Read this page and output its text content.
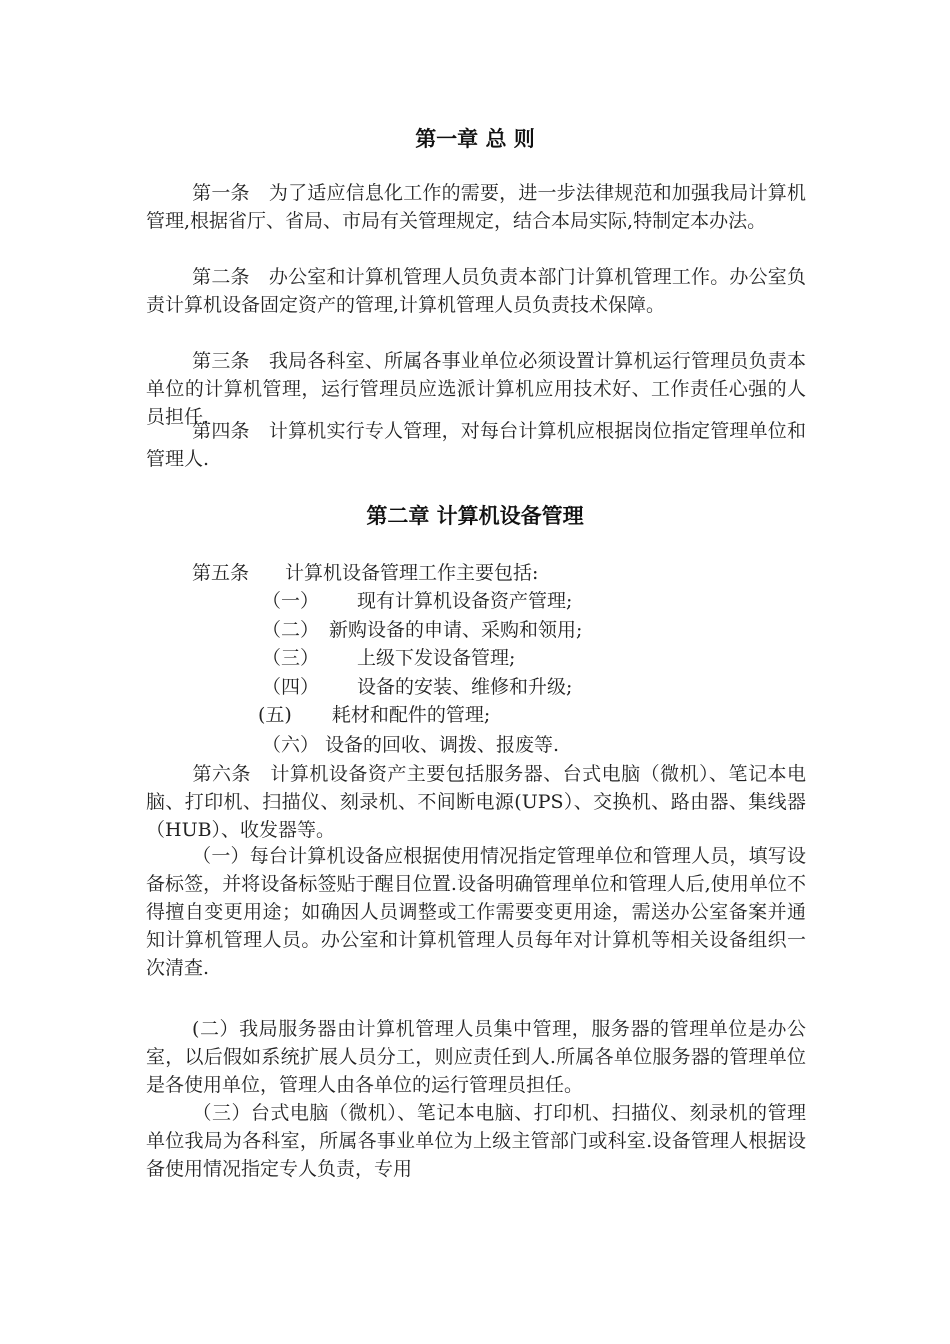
第一章 总 则

第一条　为了适应信息化工作的需要，进一步法律规范和加强我局计算机管理,根据省厅、省局、市局有关管理规定，结合本局实际,特制定本办法。

第二条　办公室和计算机管理人员负责本部门计算机管理工作。办公室负责计算机设备固定资产的管理,计算机管理人员负责技术保障。

第三条　我局各科室、所属各事业单位必须设置计算机运行管理员负责本单位的计算机管理，运行管理员应选派计算机应用技术好、工作责任心强的人员担任.

第四条　计算机实行专人管理，对每台计算机应根据岗位指定管理单位和管理人.

第二章 计算机设备管理

第五条 计算机设备管理工作主要包括:

（一） 现有计算机设备资产管理;

（二） 新购设备的申请、采购和领用;

（三） 上级下发设备管理;

（四） 设备的安装、维修和升级;

(五) 耗材和配件的管理;

（六） 设备的回收、调拨、报废等.

第六条　计算机设备资产主要包括服务器、台式电脑（微机）、笔记本电脑、打印机、扫描仪、刻录机、不间断电源(UPS）、交换机、路由器、集线器（HUB）、收发器等。

（一）每台计算机设备应根据使用情况指定管理单位和管理人员，填写设备标签，并将设备标签贴于醒目位置.设备明确管理单位和管理人后,使用单位不得擅自变更用途；如确因人员调整或工作需要变更用途，需送办公室备案并通知计算机管理人员。办公室和计算机管理人员每年对计算机等相关设备组织一次清查.

(二）我局服务器由计算机管理人员集中管理，服务器的管理单位是办公室，以后假如系统扩展人员分工，则应责任到人.所属各单位服务器的管理单位是各使用单位，管理人由各单位的运行管理员担任。

（三）台式电脑（微机）、笔记本电脑、打印机、扫描仪、刻录机的管理单位我局为各科室，所属各事业单位为上级主管部门或科室.设备管理人根据设备使用情况指定专人负责，专用
